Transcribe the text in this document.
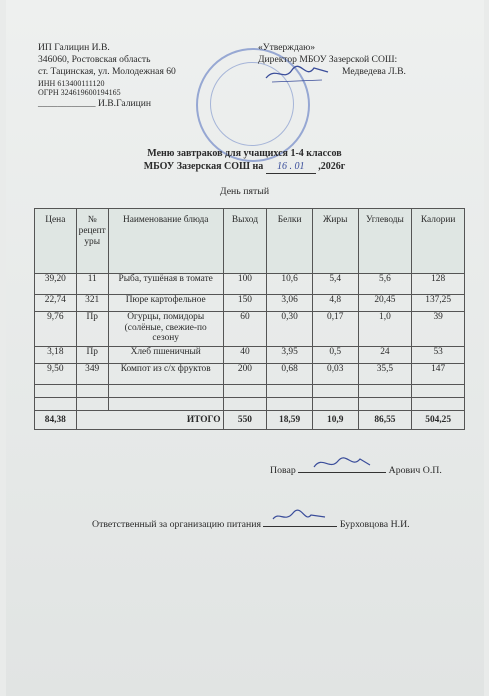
ИП Галицин И.В.
346060, Ростовская область
ст. Тацинская, ул. Молодежная 60
ИНН 613400111120
ОГРН 324619600194165
____________ И.В.Галицин
«Утверждаю»
Директор МБОУ Зазерской СОШ:
Медведева Л.В.
Меню завтраков для учащихся 1-4 классов
МБОУ Зазерская СОШ на 16 . 01 ,2026г
День пятый
Цена	№ рецепт уры	Наименование блюда	Выход	Белки	Жиры	Углеводы	Калории
39,20	11	Рыба, тушёная в томате	100	10,6	5,4	5,6	128
22,74	321	Пюре картофельное	150	3,06	4,8	20,45	137,25
9,76	Пр	Огурцы, помидоры (солёные, свежие-по сезону	60	0,30	0,17	1,0	39
3,18	Пр	Хлеб пшеничный	40	3,95	0,5	24	53
9,50	349	Компот из с/х фруктов	200	0,68	0,03	35,5	147

84,38	ИТОГО		550	18,59	10,9	86,55	504,25
Повар	Арович О.П.
Ответственный за организацию питания	Бурховцова Н.И.
